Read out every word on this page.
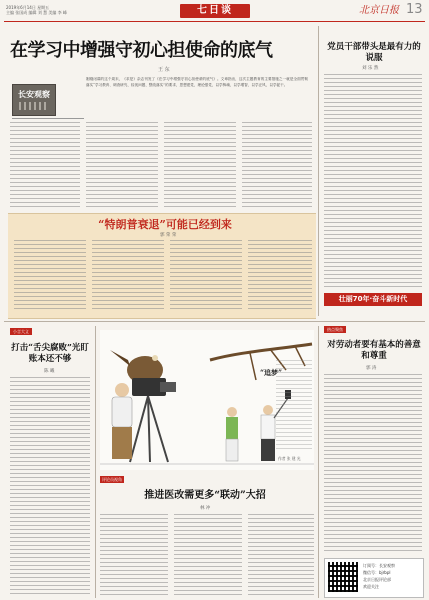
2019年6月14日 星期五
主编 张国成 编辑 刘 慧 美编 李 峰	七日谈	北京日报 13
在学习中增强守初心担使命的底气
王 东
长安观察
刚刚闭幕的这个周末，《求是》杂志刊发了《在学习中增强守初心担使命的底气》。文章指出，这次主题教育的主要措施之一就是全面贯彻落实“学习教育、调查研究、检视问题、整改落实”的要求，思想建党，理论强党，以学铸魂，以学增智，以学正风，以学促干。
党员干部带头是最有力的说服
刘 乐 然
壮丽70年·奋斗新时代
“特朗普衰退”可能已经到来
郭 荣 荣
小言大义
打击“舌尖腐败”光盯账本还不够
陈 曦	“追梦”
作者 张 建 光
评论员视角
推进医改需更多“联动”大招
林 冲
热点聚焦
对劳动者要有基本的善意和尊重
郭 涛
订阅号：长安观察
微信号：bjrbpl
北京日报评论部
欢迎关注
